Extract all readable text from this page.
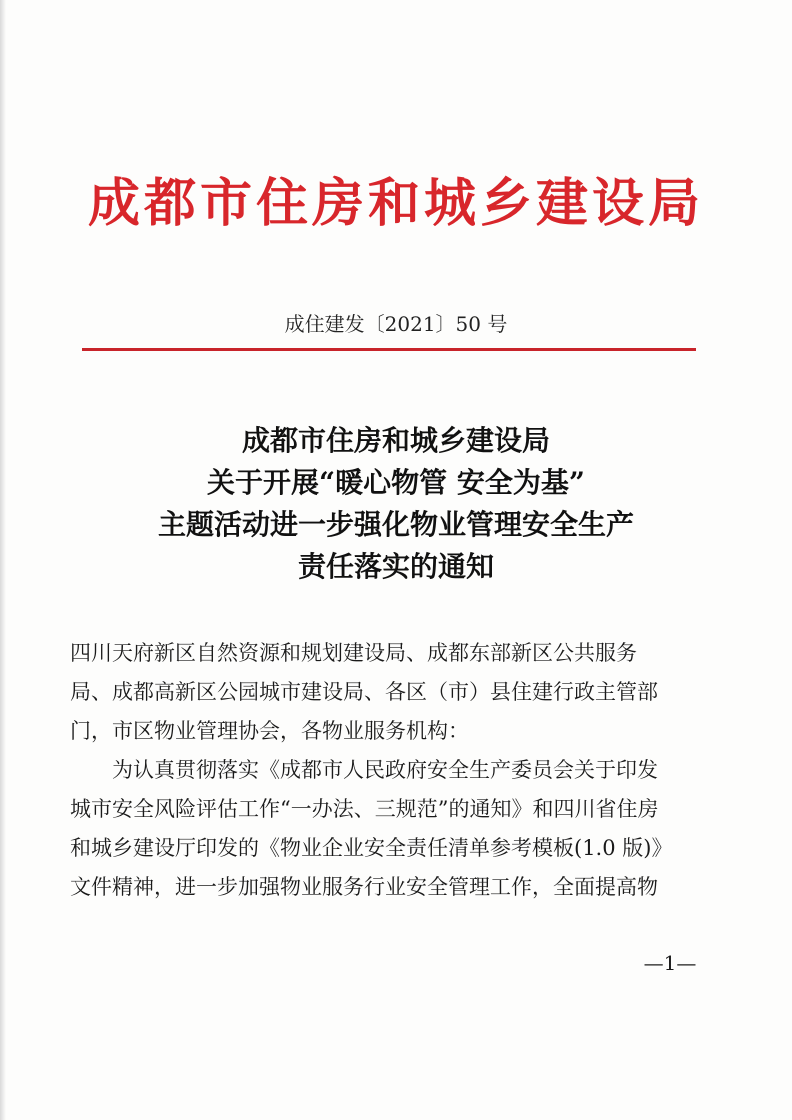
成都市住房和城乡建设局
成住建发〔2021〕50 号
成都市住房和城乡建设局
关于开展“暖心物管 安全为基”
主题活动进一步强化物业管理安全生产
责任落实的通知
四川天府新区自然资源和规划建设局、成都东部新区公共服务
局、成都高新区公园城市建设局、各区（市）县住建行政主管部
门，市区物业管理协会，各物业服务机构：
为认真贯彻落实《成都市人民政府安全生产委员会关于印发
城市安全风险评估工作“一办法、三规范”的通知》和四川省住房
和城乡建设厅印发的《物业企业安全责任清单参考模板(1.0 版)》
文件精神，进一步加强物业服务行业安全管理工作，全面提高物
—1—
